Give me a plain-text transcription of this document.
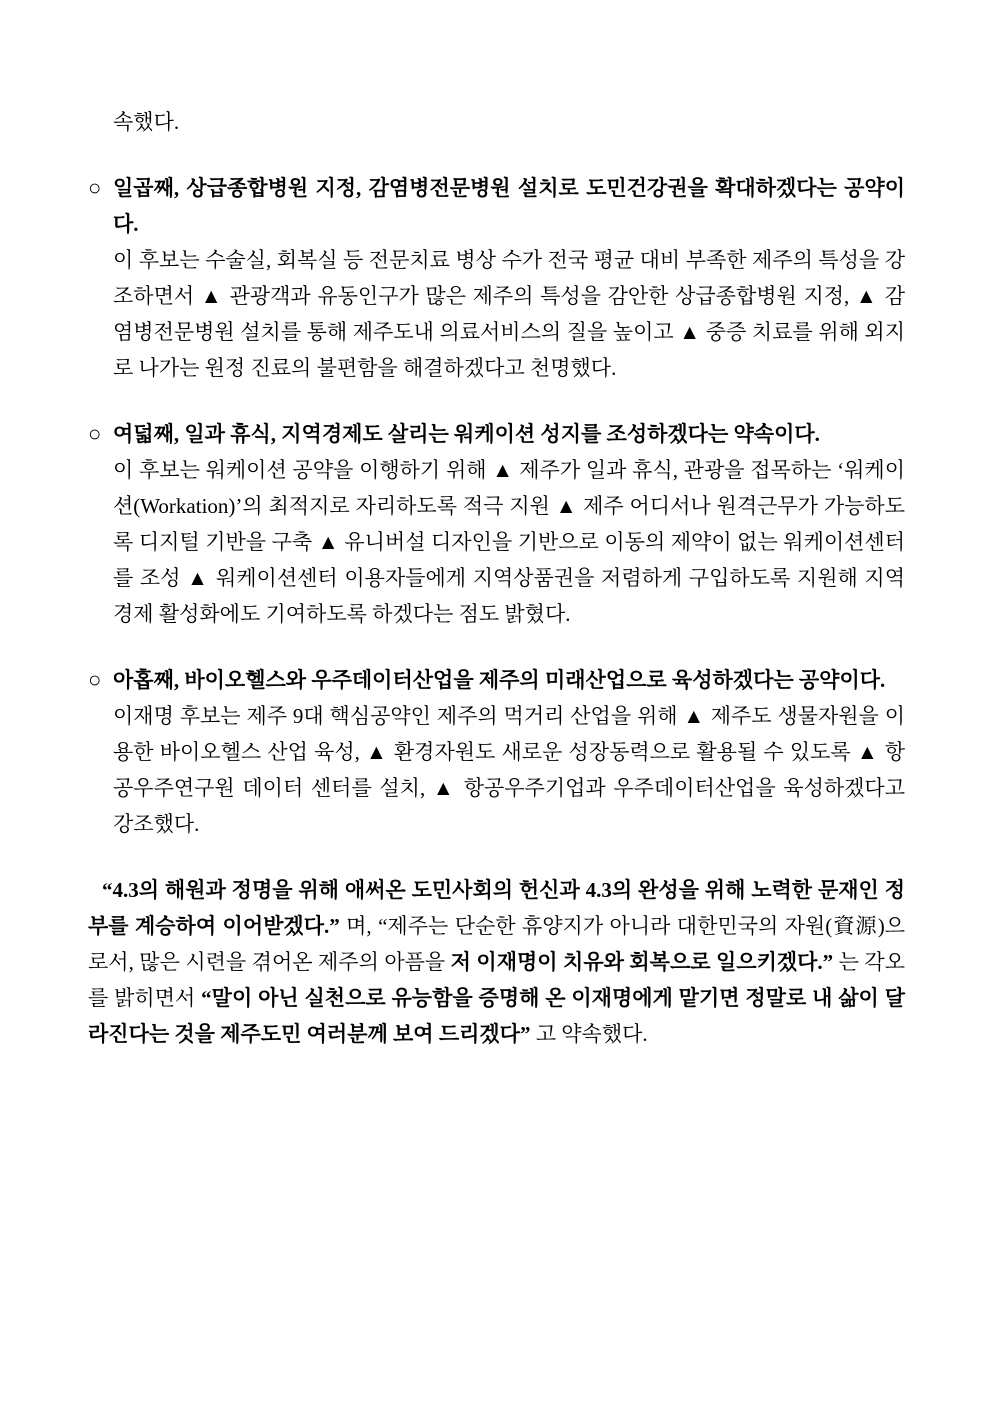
속했다.

○ 일곱째, 상급종합병원 지정, 감염병전문병원 설치로 도민건강권을 확대하겠다는 공약이다.

이 후보는 수술실, 회복실 등 전문치료 병상 수가 전국 평균 대비 부족한 제주의 특성을 강조하면서 ▲ 관광객과 유동인구가 많은 제주의 특성을 감안한 상급종합병원 지정, ▲ 감염병전문병원 설치를 통해 제주도내 의료서비스의 질을 높이고 ▲ 중증 치료를 위해 외지로 나가는 원정 진료의 불편함을 해결하겠다고 천명했다.

○ 여덟째, 일과 휴식, 지역경제도 살리는 워케이션 성지를 조성하겠다는 약속이다.

이 후보는 워케이션 공약을 이행하기 위해 ▲ 제주가 일과 휴식, 관광을 접목하는 ‘워케이션(Workation)’의 최적지로 자리하도록 적극 지원 ▲ 제주 어디서나 원격근무가 가능하도록 디지털 기반을 구축 ▲ 유니버설 디자인을 기반으로 이동의 제약이 없는 워케이션센터를 조성 ▲ 워케이션센터 이용자들에게 지역상품권을 저렴하게 구입하도록 지원해 지역경제 활성화에도 기여하도록 하겠다는 점도 밝혔다.

○ 아홉째, 바이오헬스와 우주데이터산업을 제주의 미래산업으로 육성하겠다는 공약이다.

이재명 후보는 제주 9대 핵심공약인 제주의 먹거리 산업을 위해 ▲ 제주도 생물자원을 이용한 바이오헬스 산업 육성, ▲ 환경자원도 새로운 성장동력으로 활용될 수 있도록 ▲ 항공우주연구원 데이터 센터를 설치, ▲ 항공우주기업과 우주데이터산업을 육성하겠다고 강조했다.

“4.3의 해원과 정명을 위해 애써온 도민사회의 헌신과 4.3의 완성을 위해 노력한 문재인 정부를 계승하여 이어받겠다.” 며, “제주는 단순한 휴양지가 아니라 대한민국의 자원(資源)으로서, 많은 시련을 겪어온 제주의 아픔을 저 이재명이 치유와 회복으로 일으키겠다.” 는 각오를 밝히면서 “말이 아닌 실천으로 유능함을 증명해 온 이재명에게 맡기면 정말로 내 삶이 달라진다는 것을 제주도민 여러분께 보여 드리겠다” 고 약속했다.
